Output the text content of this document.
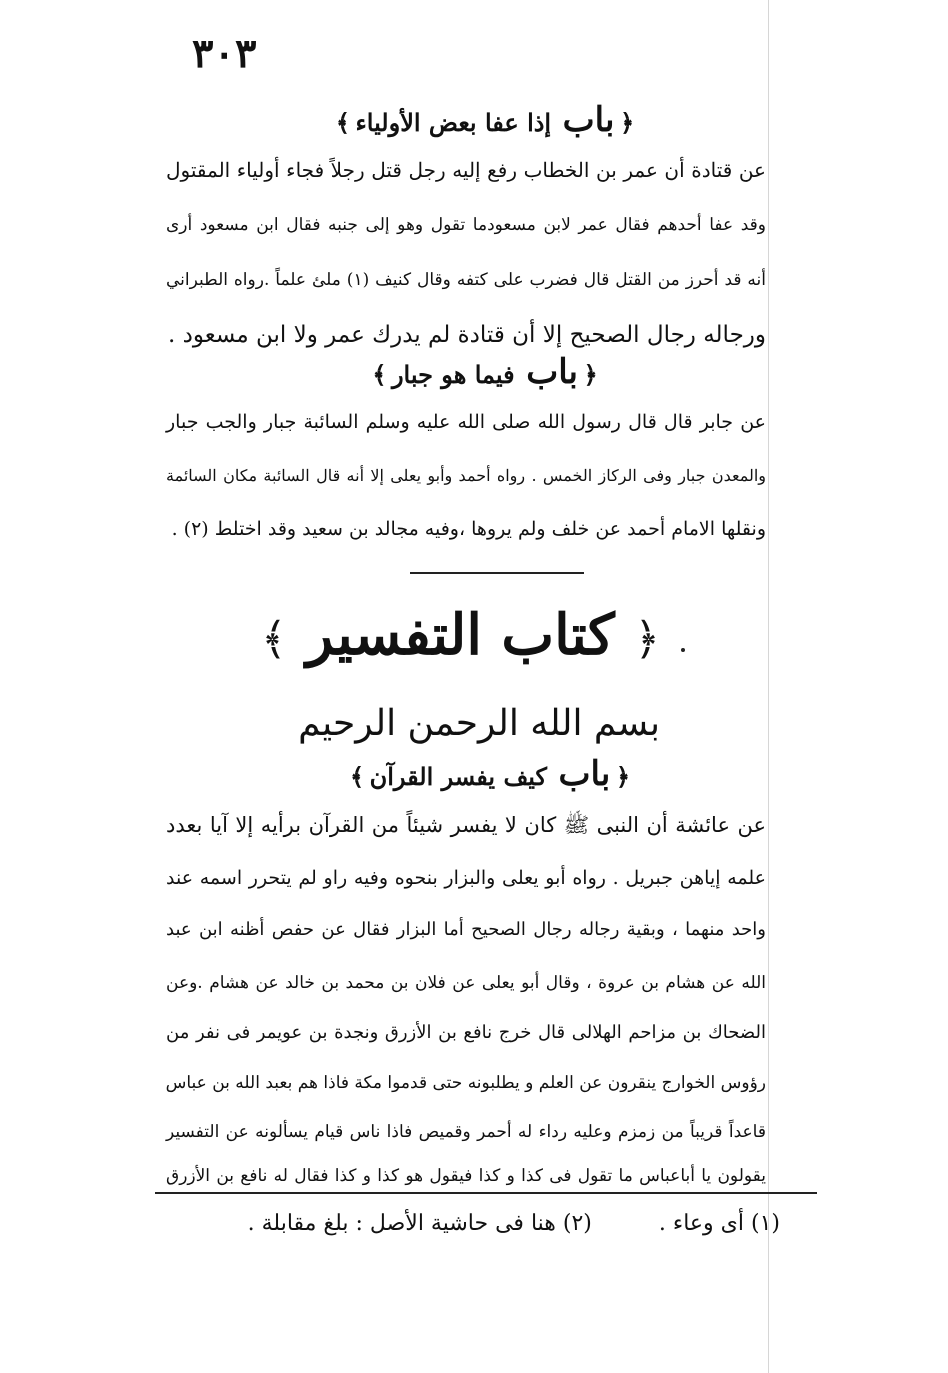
٣٠٣
﴿ باب إذا عفا بعض الأولياء ﴾
عن قتادة أن عمر بن الخطاب رفع إليه رجل قتل رجلاً فجاء أولياء المقتول
وقد عفا أحدهم فقال عمر لابن مسعودما تقول وهو إلى جنبه فقال ابن مسعود أرى
أنه قد أحرز من القتل قال فضرب على كتفه وقال كنيف (١) ملئ علماً .رواه الطبراني
ورجاله رجال الصحيح إلا أن قتادة لم يدرك عمر ولا ابن مسعود .
﴿ باب فيما هو جبار ﴾
عن جابر قال قال رسول الله صلى الله عليه وسلم السائبة جبار والجب جبار
والمعدن جبار وفى الركاز الخمس . رواه أحمد وأبو يعلى إلا أنه قال السائبة مكان السائمة
ونقلها الامام أحمد عن خلف ولم يروها ،وفيه مجالد بن سعيد وقد اختلط (٢) .
﴿ كتاب التفسير ﴾
بسم الله الرحمن الرحيم
﴿ باب كيف يفسر القرآن ﴾
عن عائشة أن النبى ﷺ كان لا يفسر شيئاً من القرآن برأيه إلا آيا بعدد
علمه إياهن جبريل . رواه أبو يعلى والبزار بنحوه وفيه راو لم يتحرر اسمه عند
واحد منهما ، وبقية رجاله رجال الصحيح أما البزار فقال عن حفص أظنه ابن عبد
الله عن هشام بن عروة ، وقال أبو يعلى عن فلان بن محمد بن خالد عن هشام .وعن
الضحاك بن مزاحم الهلالى قال خرج نافع بن الأزرق ونجدة بن عويمر فى نفر من
رؤوس الخوارج ينقرون عن العلم و يطلبونه حتى قدموا مكة فاذا هم بعبد الله بن عباس
قاعداً قريباً من زمزم وعليه رداء له أحمر وقميص فاذا ناس قيام يسألونه عن التفسير
يقولون يا أباعباس ما تقول فى كذا و كذا فيقول هو كذا و كذا فقال له نافع بن الأزرق
(١) أى وعاء . (٢) هنا فى حاشية الأصل : بلغ مقابلة .
